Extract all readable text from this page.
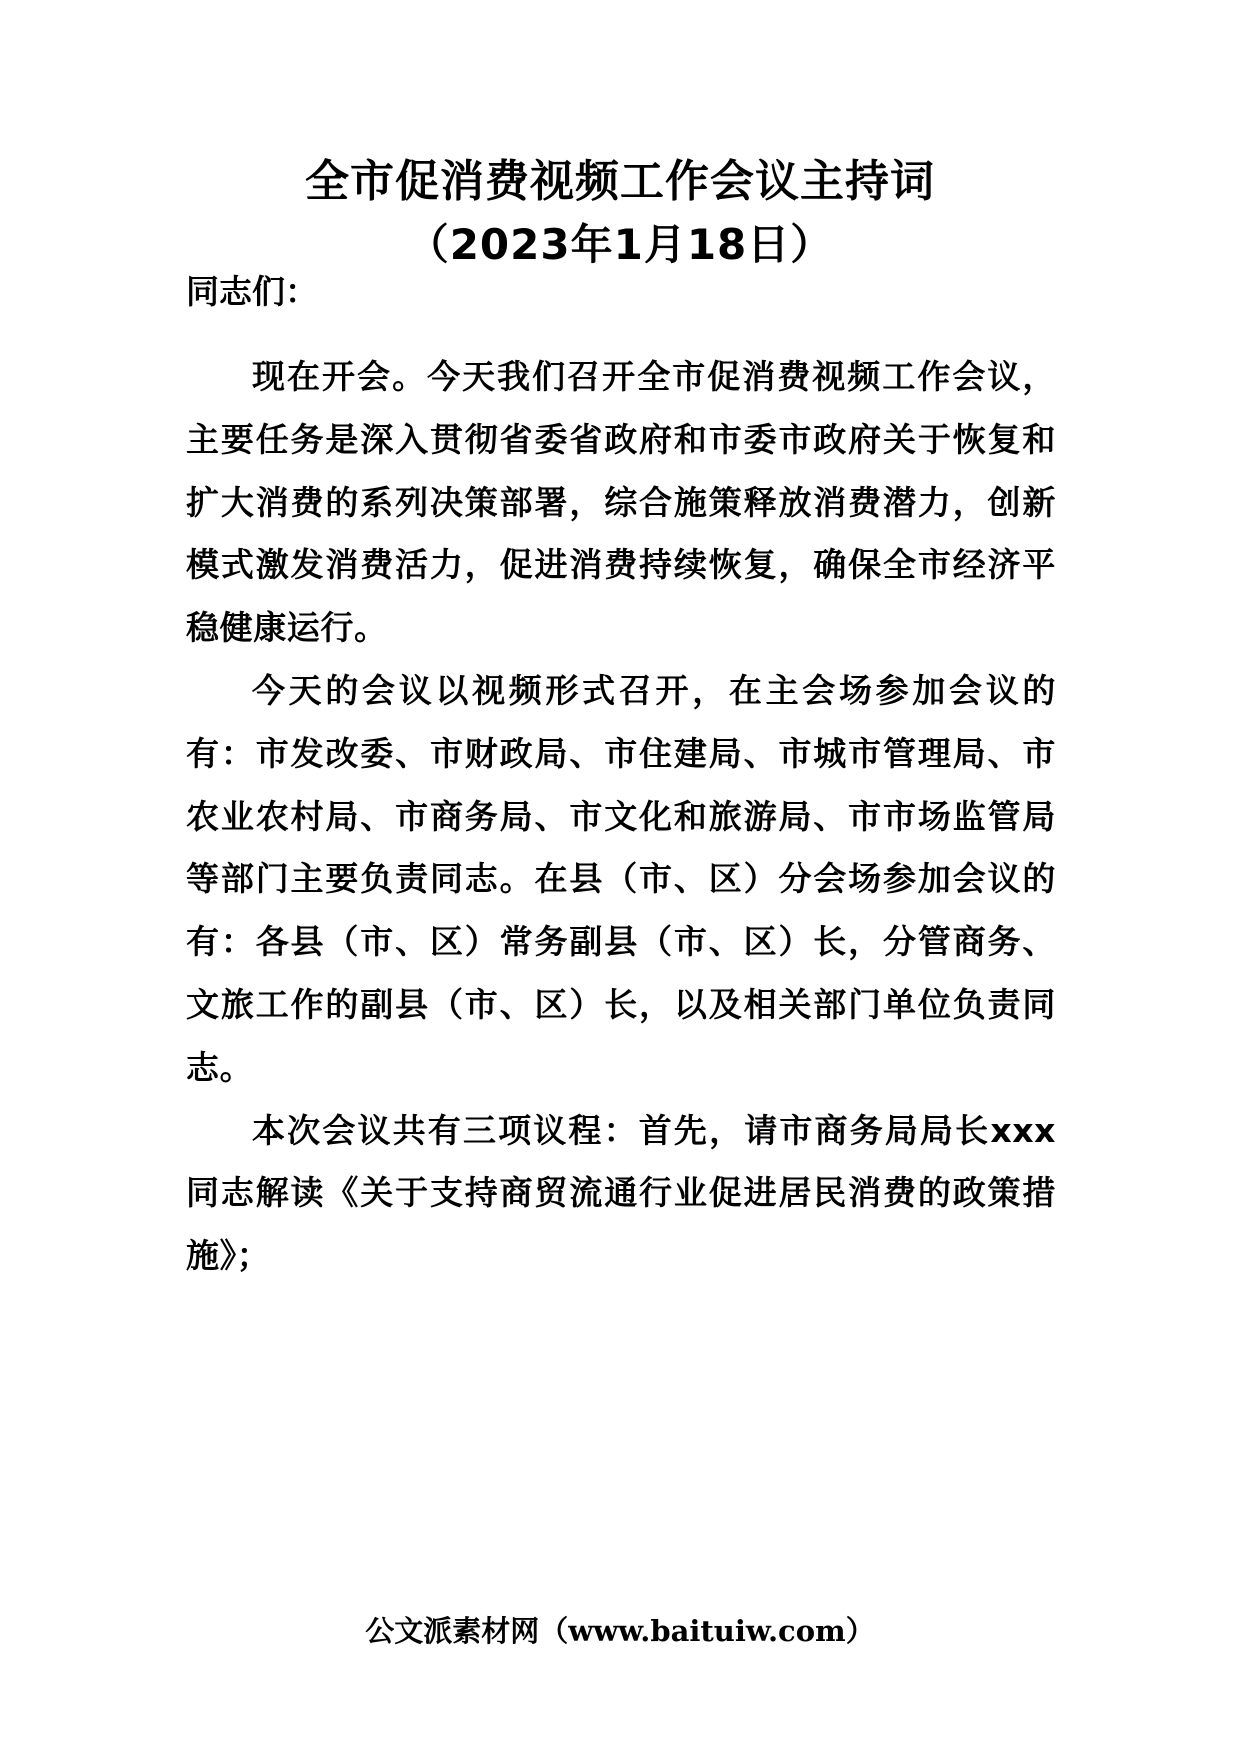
全市促消费视频工作会议主持词
（2023年1月18日）
同志们：

现在开会。今天我们召开全市促消费视频工作会议，主要任务是深入贯彻省委省政府和市委市政府关于恢复和扩大消费的系列决策部署，综合施策释放消费潜力，创新模式激发消费活力，促进消费持续恢复，确保全市经济平稳健康运行。

今天的会议以视频形式召开，在主会场参加会议的有：市发改委、市财政局、市住建局、市城市管理局、市农业农村局、市商务局、市文化和旅游局、市市场监管局等部门主要负责同志。在县（市、区）分会场参加会议的有：各县（市、区）常务副县（市、区）长，分管商务、文旅工作的副县（市、区）长，以及相关部门单位负责同志。

本次会议共有三项议程：首先，请市商务局局长xxx同志解读《关于支持商贸流通行业促进居民消费的政策措施》；

公文派素材网（www.baituiw.com）
